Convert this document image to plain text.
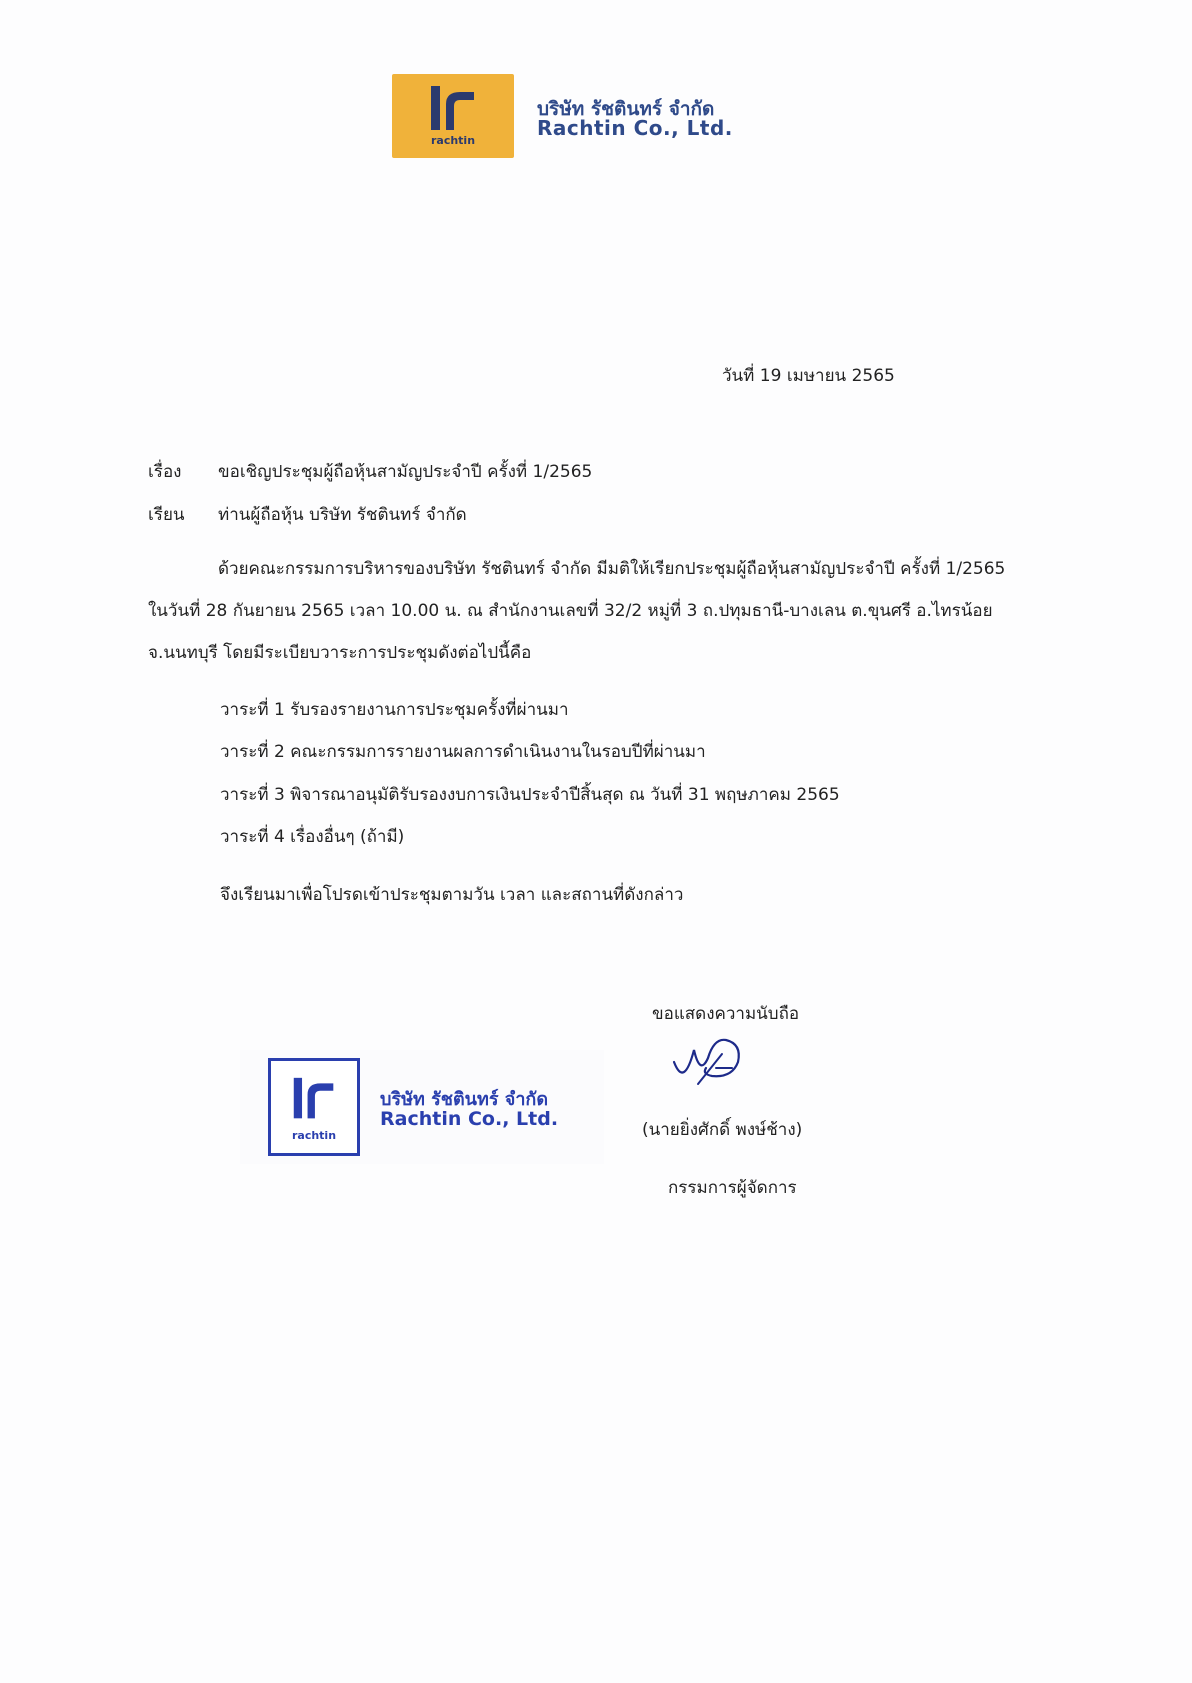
rachtin
บริษัท รัชตินทร์ จำกัด
Rachtin Co., Ltd.
วันที่ 19 เมษายน 2565
เรื่อง ขอเชิญประชุมผู้ถือหุ้นสามัญประจำปี ครั้งที่ 1/2565
เรียน ท่านผู้ถือหุ้น บริษัท รัชตินทร์ จำกัด
ด้วยคณะกรรมการบริหารของบริษัท รัชตินทร์ จำกัด มีมติให้เรียกประชุมผู้ถือหุ้นสามัญประจำปี ครั้งที่ 1/2565
ในวันที่ 28 กันยายน 2565 เวลา 10.00 น. ณ สำนักงานเลขที่ 32/2 หมู่ที่ 3 ถ.ปทุมธานี-บางเลน ต.ขุนศรี อ.ไทรน้อย
จ.นนทบุรี โดยมีระเบียบวาระการประชุมดังต่อไปนี้คือ
วาระที่ 1 รับรองรายงานการประชุมครั้งที่ผ่านมา
วาระที่ 2 คณะกรรมการรายงานผลการดำเนินงานในรอบปีที่ผ่านมา
วาระที่ 3 พิจารณาอนุมัติรับรองงบการเงินประจำปีสิ้นสุด ณ วันที่ 31 พฤษภาคม 2565
วาระที่ 4 เรื่องอื่นๆ (ถ้ามี)
จึงเรียนมาเพื่อโปรดเข้าประชุมตามวัน เวลา และสถานที่ดังกล่าว
ขอแสดงความนับถือ
(นายยิ่งศักดิ์ พงษ์ช้าง)
กรรมการผู้จัดการ
rachtin
บริษัท รัชตินทร์ จำกัด
Rachtin Co., Ltd.
